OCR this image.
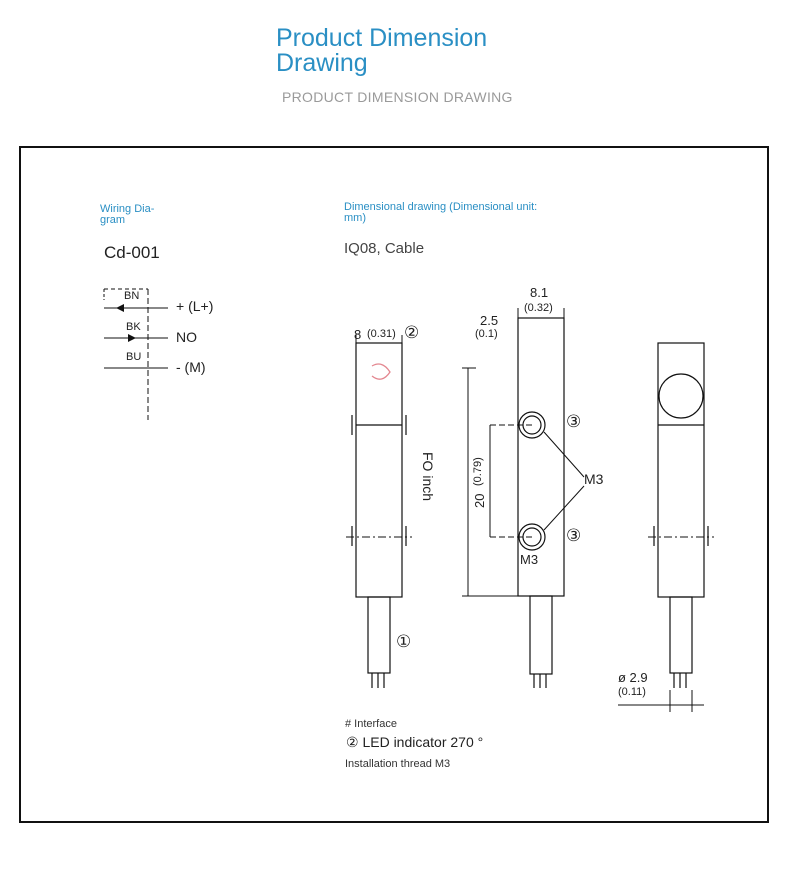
Product Dimension Drawing
PRODUCT DIMENSION DRAWING
Wiring Dia- gram
Cd-001
BN
+ (L+)
BK
NO
BU
- (M)
Dimensional drawing (Dimensional unit: mm)
IQ08, Cable
8 (0.31) ②
8.1
(0.32)
2.5
(0.1)
FO inch	20
(0.79)
③
M3
③
M3
①
ø 2.9
(0.11)
# Interface
② LED indicator 270 °
Installation thread M3
